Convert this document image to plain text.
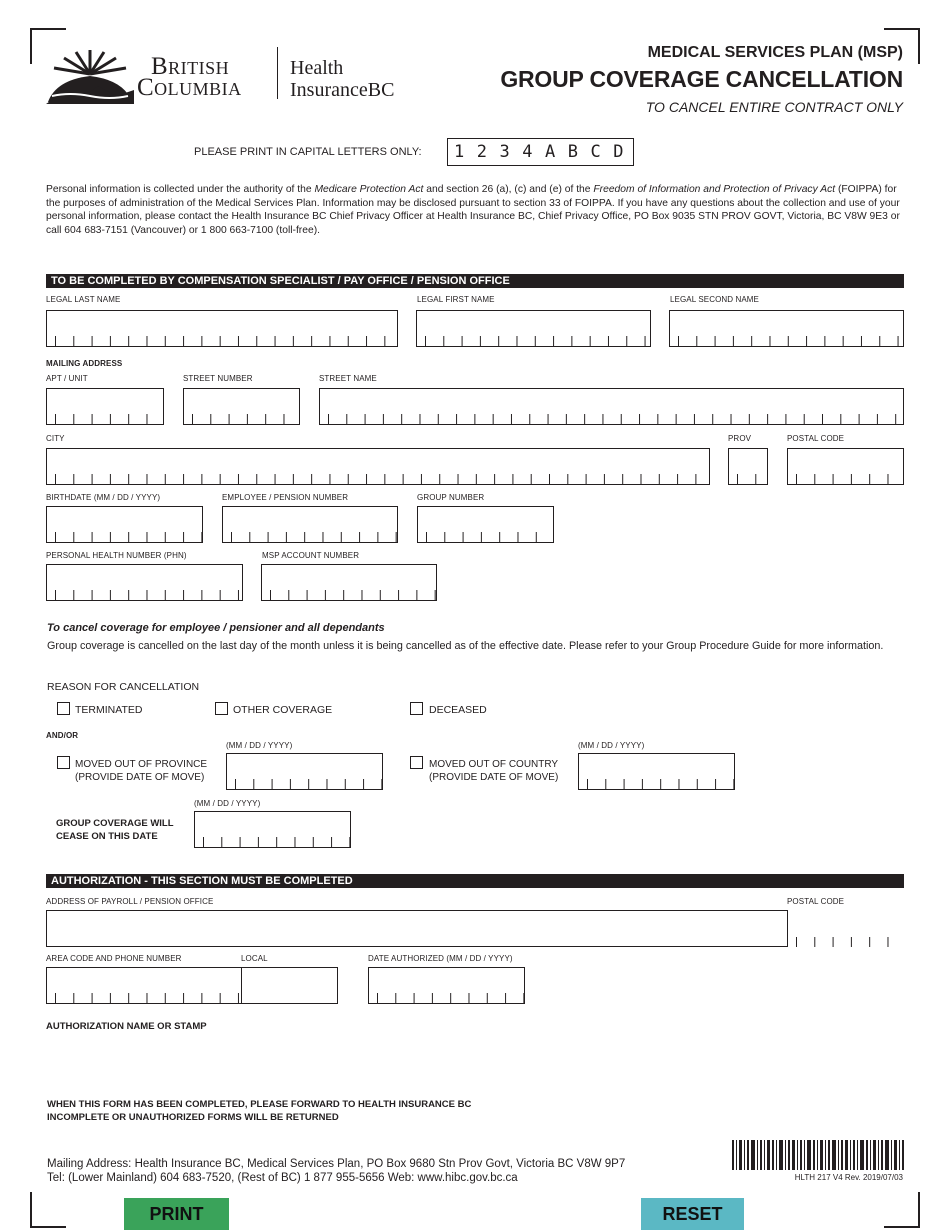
British
Columbia
Health
InsuranceBC
MEDICAL SERVICES PLAN (MSP)
GROUP COVERAGE CANCELLATION
TO CANCEL ENTIRE CONTRACT ONLY
PLEASE PRINT IN CAPITAL LETTERS ONLY: 1 2 3 4 A B C D
Personal information is collected under the authority of the Medicare Protection Act and section 26 (a), (c) and (e) of the Freedom of Information and Protection of Privacy Act (FOIPPA) for the purposes of administration of the Medical Services Plan. Information may be disclosed pursuant to section 33 of FOIPPA. If you have any questions about the collection and use of your personal information, please contact the Health Insurance BC Chief Privacy Officer at Health Insurance BC, Chief Privacy Office, PO Box 9035 STN PROV GOVT, Victoria, BC V8W 9E3 or call 604 683-7151 (Vancouver) or 1 800 663-7100 (toll-free).
TO BE COMPLETED BY COMPENSATION SPECIALIST / PAY OFFICE / PENSION OFFICE
LEGAL LAST NAME	LEGAL FIRST NAME	LEGAL SECOND NAME
MAILING ADDRESS
APT / UNIT	STREET NUMBER	STREET NAME
CITY	PROV	POSTAL CODE
BIRTHDATE (MM / DD / YYYY)	EMPLOYEE / PENSION NUMBER	GROUP NUMBER
PERSONAL HEALTH NUMBER (PHN)	MSP ACCOUNT NUMBER
To cancel coverage for employee / pensioner and all dependants
Group coverage is cancelled on the last day of the month unless it is being cancelled as of the effective date. Please refer to your Group Procedure Guide for more information.
REASON FOR CANCELLATION
TERMINATED	OTHER COVERAGE	DECEASED
AND/OR
(MM / DD / YYYY)
MOVED OUT OF PROVINCE
(PROVIDE DATE OF MOVE)
(MM / DD / YYYY)
MOVED OUT OF COUNTRY
(PROVIDE DATE OF MOVE)
(MM / DD / YYYY)
GROUP COVERAGE WILL
CEASE ON THIS DATE
AUTHORIZATION - THIS SECTION MUST BE COMPLETED
ADDRESS OF PAYROLL / PENSION OFFICE	POSTAL CODE
AREA CODE AND PHONE NUMBER	LOCAL	DATE AUTHORIZED (MM / DD / YYYY)
AUTHORIZATION NAME OR STAMP
WHEN THIS FORM HAS BEEN COMPLETED, PLEASE FORWARD TO HEALTH INSURANCE BC
INCOMPLETE OR UNAUTHORIZED FORMS WILL BE RETURNED
Mailing Address: Health Insurance BC, Medical Services Plan, PO Box 9680 Stn Prov Govt, Victoria BC V8W 9P7
Tel: (Lower Mainland) 604 683-7520, (Rest of BC) 1 877 955-5656 Web: www.hibc.gov.bc.ca	HLTH 217 V4 Rev. 2019/07/03
PRINT	RESET
